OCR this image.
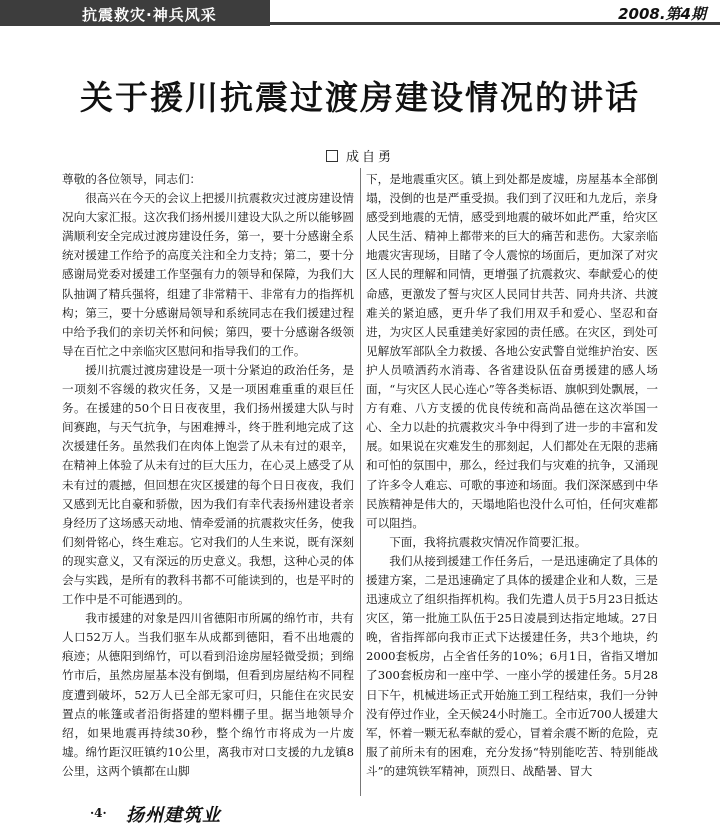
抗震救灾·神兵风采	2008.第4期
关于援川抗震过渡房建设情况的讲话
成自勇

尊敬的各位领导，同志们：

很高兴在今天的会议上把援川抗震救灾过渡房建设情况向大家汇报。这次我们扬州援川建设大队之所以能够圆满顺利安全完成过渡房建设任务，第一，要十分感谢全系统对援建工作给予的高度关注和全力支持；第二，要十分感谢局党委对援建工作坚强有力的领导和保障，为我们大队抽调了精兵强将，组建了非常精干、非常有力的指挥机构；第三，要十分感谢局领导和系统同志在我们援建过程中给予我们的亲切关怀和问候；第四，要十分感谢各级领导在百忙之中亲临灾区慰问和指导我们的工作。

援川抗震过渡房建设是一项十分紧迫的政治任务，是一项刻不容缓的救灾任务，又是一项困难重重的艰巨任务。在援建的50个日日夜夜里，我们扬州援建大队与时间赛跑，与天气抗争，与困难搏斗，终于胜利地完成了这次援建任务。虽然我们在肉体上饱尝了从未有过的艰辛，在精神上体验了从未有过的巨大压力，在心灵上感受了从未有过的震撼，但回想在灾区援建的每个日日夜夜，我们又感到无比自豪和骄傲，因为我们有幸代表扬州建设者亲身经历了这场感天动地、情牵爱涌的抗震救灾任务，使我们刻骨铭心，终生难忘。它对我们的人生来说，既有深刻的现实意义，又有深远的历史意义。我想，这种心灵的体会与实践，是所有的教科书都不可能读到的，也是平时的工作中是不可能遇到的。

我市援建的对象是四川省德阳市所属的绵竹市，共有人口52万人。当我们驱车从成都到德阳，看不出地震的痕迹；从德阳到绵竹，可以看到沿途房屋轻微受损；到绵竹市后，虽然房屋基本没有倒塌，但看到房屋结构不同程度遭到破坏，52万人已全部无家可归，只能住在灾民安置点的帐篷或者沿街搭建的塑料棚子里。据当地领导介绍，如果地震再持续30秒，整个绵竹市将成为一片废墟。绵竹距汉旺镇约10公里，离我市对口支援的九龙镇8公里，这两个镇都在山脚

下，是地震重灾区。镇上到处都是废墟，房屋基本全部倒塌，没倒的也是严重受损。我们到了汉旺和九龙后，亲身感受到地震的无情，感受到地震的破坏如此严重，给灾区人民生活、精神上都带来的巨大的痛苦和悲伤。大家亲临地震灾害现场，目睹了令人震惊的场面后，更加深了对灾区人民的理解和同情，更增强了抗震救灾、奉献爱心的使命感，更激发了誓与灾区人民同甘共苦、同舟共济、共渡难关的紧迫感，更升华了我们用双手和爱心、坚忍和奋进，为灾区人民重建美好家园的责任感。在灾区，到处可见解放军部队全力救援、各地公安武警自觉维护治安、医护人员喷洒药水消毒、各省建设队伍奋勇援建的感人场面，“与灾区人民心连心”等各类标语、旗帜到处飘展，一方有难、八方支援的优良传统和高尚品德在这次举国一心、全力以赴的抗震救灾斗争中得到了进一步的丰富和发展。如果说在灾难发生的那刻起，人们都处在无限的悲痛和可怕的氛围中，那么，经过我们与灾难的抗争，又涌现了许多令人难忘、可歌的事迹和场面。我们深深感到中华民族精神是伟大的，天塌地陷也没什么可怕，任何灾难都可以阻挡。

下面，我将抗震救灾情况作简要汇报。

我们从接到援建工作任务后，一是迅速确定了具体的援建方案，二是迅速确定了具体的援建企业和人数，三是迅速成立了组织指挥机构。我们先遣人员于5月23日抵达灾区，第一批施工队伍于25日凌晨到达指定地域。27日晚，省指挥部向我市正式下达援建任务，共3个地块，约2000套板房，占全省任务的10%；6月1日，省指又增加了300套板房和一座中学、一座小学的援建任务。5月28日下午，机械进场正式开始施工到工程结束，我们一分钟没有停过作业，全天候24小时施工。全市近700人援建大军，怀着一颗无私奉献的爱心，冒着余震不断的危险，克服了前所未有的困难，充分发扬“特别能吃苦、特别能战斗”的建筑铁军精神，顶烈日、战酷暑、冒大

·4· 扬州建筑业
